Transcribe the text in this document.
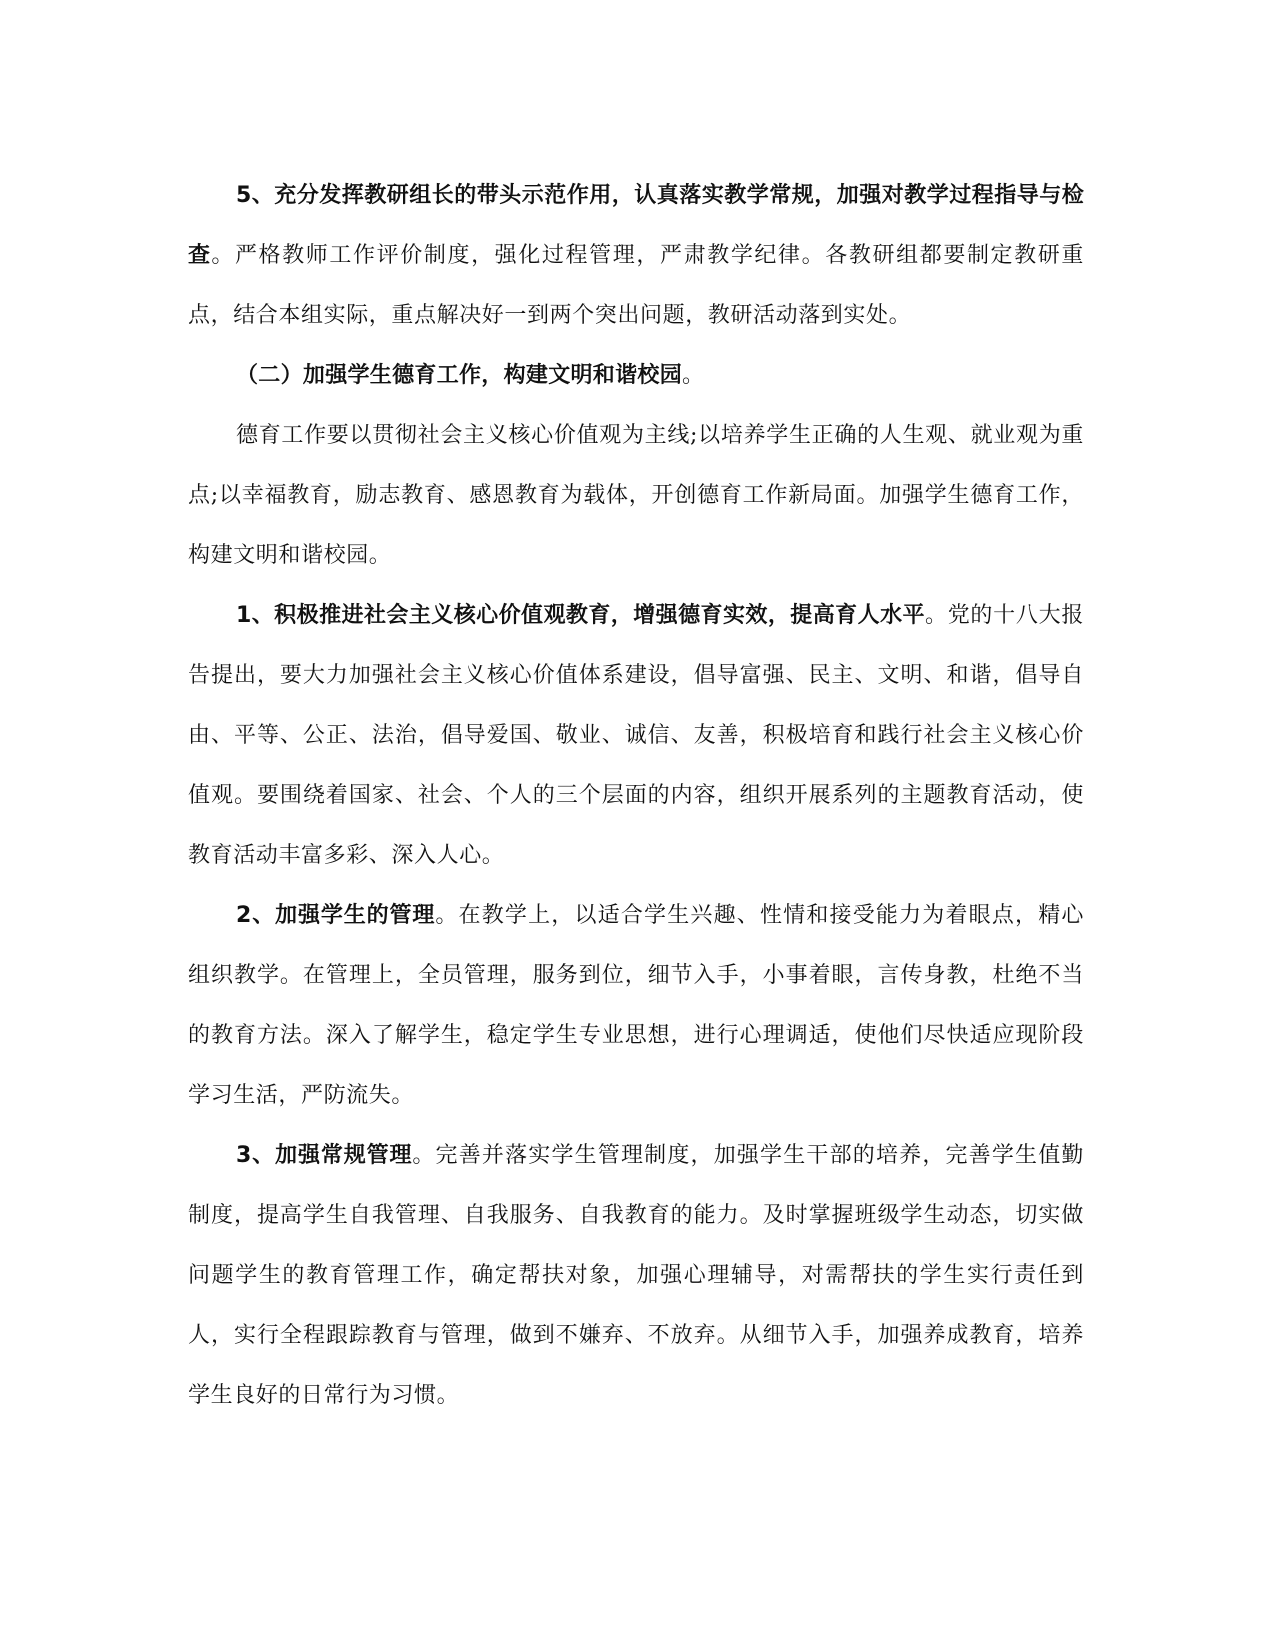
5、充分发挥教研组长的带头示范作用，认真落实教学常规，加强对教学过程指导与检查。严格教师工作评价制度，强化过程管理，严肃教学纪律。各教研组都要制定教研重点，结合本组实际，重点解决好一到两个突出问题，教研活动落到实处。

（二）加强学生德育工作，构建文明和谐校园。

德育工作要以贯彻社会主义核心价值观为主线;以培养学生正确的人生观、就业观为重点;以幸福教育，励志教育、感恩教育为载体，开创德育工作新局面。加强学生德育工作，构建文明和谐校园。

1、积极推进社会主义核心价值观教育，增强德育实效，提高育人水平。党的十八大报告提出，要大力加强社会主义核心价值体系建设，倡导富强、民主、文明、和谐，倡导自由、平等、公正、法治，倡导爱国、敬业、诚信、友善，积极培育和践行社会主义核心价值观。要围绕着国家、社会、个人的三个层面的内容，组织开展系列的主题教育活动，使教育活动丰富多彩、深入人心。

2、加强学生的管理。在教学上，以适合学生兴趣、性情和接受能力为着眼点，精心组织教学。在管理上，全员管理，服务到位，细节入手，小事着眼，言传身教，杜绝不当的教育方法。深入了解学生，稳定学生专业思想，进行心理调适，使他们尽快适应现阶段学习生活，严防流失。

3、加强常规管理。完善并落实学生管理制度，加强学生干部的培养，完善学生值勤制度，提高学生自我管理、自我服务、自我教育的能力。及时掌握班级学生动态，切实做问题学生的教育管理工作，确定帮扶对象，加强心理辅导，对需帮扶的学生实行责任到人，实行全程跟踪教育与管理，做到不嫌弃、不放弃。从细节入手，加强养成教育，培养学生良好的日常行为习惯。
